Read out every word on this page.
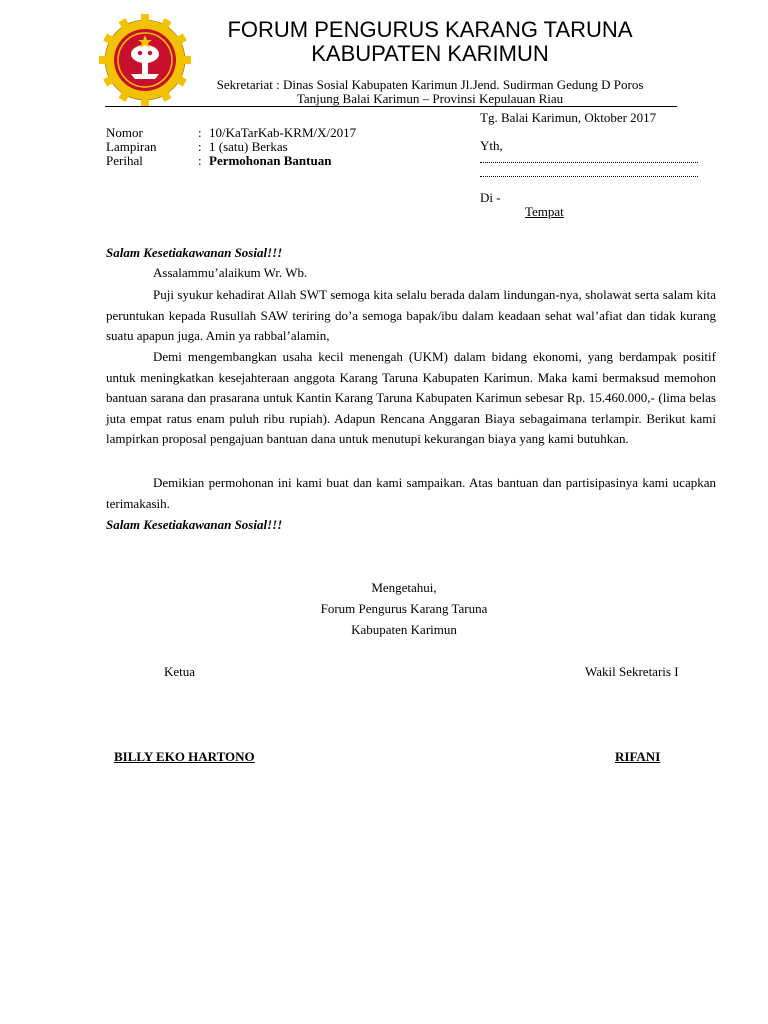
FORUM PENGURUS KARANG TARUNA
KABUPATEN KARIMUN
Sekretariat : Dinas Sosial Kabupaten Karimun Jl.Jend. Sudirman Gedung D Poros
Tanjung Balai Karimun – Provinsi Kepulauan Riau
Tg. Balai Karimun, Oktober 2017
Nomor	: 10/KaTarKab-KRM/X/2017
Lampiran	: 1 (satu) Berkas
Perihal	: Permohonan Bantuan
Yth,
Di -
Tempat
Salam Kesetiakawanan Sosial!!!
Assalammu’alaikum Wr. Wb.

Puji syukur kehadirat Allah SWT semoga kita selalu berada dalam lindungan-nya, sholawat serta salam kita peruntukan kepada Rusullah SAW teriring do’a semoga bapak/ibu dalam keadaan sehat wal’afiat dan tidak kurang suatu apapun juga. Amin ya rabbal’alamin,

Demi mengembangkan usaha kecil menengah (UKM) dalam bidang ekonomi, yang berdampak positif untuk meningkatkan kesejahteraan anggota Karang Taruna Kabupaten Karimun. Maka kami bermaksud memohon bantuan sarana dan prasarana untuk Kantin Karang Taruna Kabupaten Karimun sebesar Rp. 15.460.000,- (lima belas juta empat ratus enam puluh ribu rupiah). Adapun Rencana Anggaran Biaya sebagaimana terlampir. Berikut kami lampirkan proposal pengajuan bantuan dana untuk menutupi kekurangan biaya yang kami butuhkan.

Demikian permohonan ini kami buat dan kami sampaikan. Atas bantuan dan partisipasinya kami ucapkan terimakasih.

Salam Kesetiakawanan Sosial!!!
Mengetahui,
Forum Pengurus Karang Taruna
Kabupaten Karimun
Ketua	Wakil Sekretaris I
BILLY EKO HARTONO	RIFANI
